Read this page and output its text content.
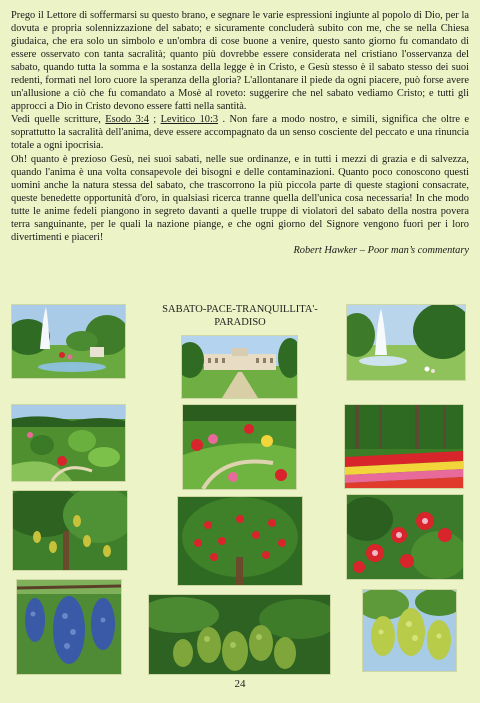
Prego il Lettore di soffermarsi su questo brano, e segnare le varie espressioni ingiunte al popolo di Dio, per la dovuta e propria solennizzazione del sabato; e sicuramente concluderà subito con me, che se nella Chiesa giudaica, che era solo un simbolo e un'ombra di cose buone a venire, questo santo giorno fu comandato di essere osservato con tanta sacralità; quanto più dovrebbe essere considerata nel cristiano l'osservanza del sabato, quando tutta la somma e la sostanza della legge è in Cristo, e Gesù stesso è il sabato stesso dei suoi redenti, formati nel loro cuore la speranza della gloria? L'allontanare il piede da ogni piacere, può forse avere un'allusione a ciò che fu comandato a Mosè al roveto: suggerire che nel sabato vediamo Cristo; e tutti gli approcci a Dio in Cristo devono essere fatti nella santità.

Vedi quelle scritture, Esodo 3:4 ; Levitico 10:3 . Non fare a modo nostro, e simili, significa che oltre e soprattutto la sacralità dell'anima, deve essere accompagnato da un senso cosciente del peccato e una rinuncia totale a ogni ipocrisia.

Oh! quanto è prezioso Gesù, nei suoi sabati, nelle sue ordinanze, e in tutti i mezzi di grazia e di salvezza, quando l'anima è una volta consapevole dei bisogni e delle contaminazioni. Quanto poco conoscono questi uomini anche la natura stessa del sabato, che trascorrono la più piccola parte di queste stagioni consacrate, queste benedette opportunità d'oro, in qualsiasi ricerca tranne quella dell'unica cosa necessaria! In che modo tutte le anime fedeli piangono in segreto davanti a quelle truppe di violatori del sabato della nostra povera terra sanguinante, per le quali la nazione piange, e che ogni giorno del Signore vengono fuori per i loro divertimenti e piaceri!

Robert Hawker – Poor man’s commentary

SABATO-PACE-TRANQUILLITA'-PARADISO
24
